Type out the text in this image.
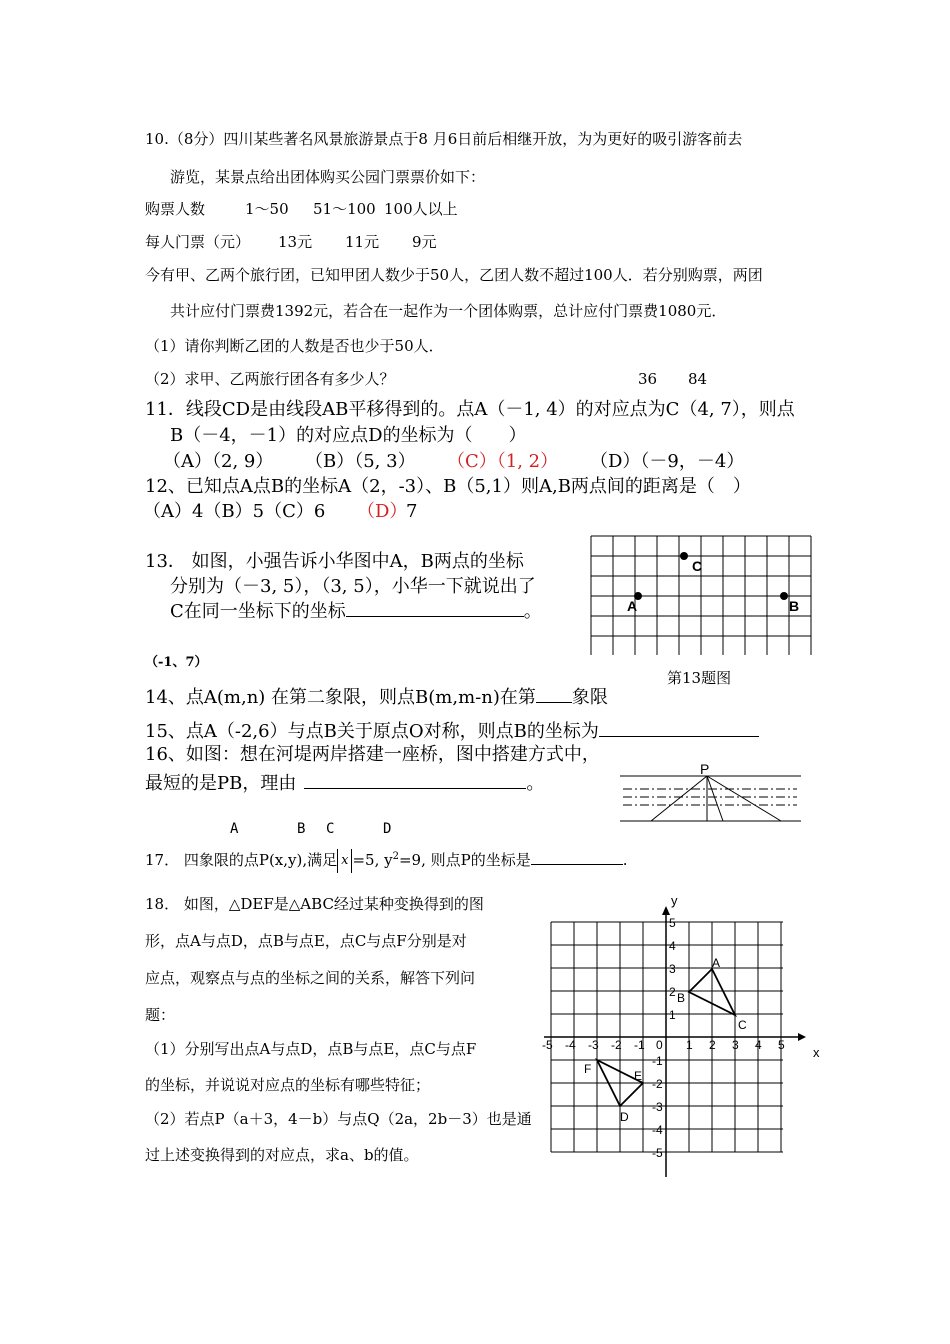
10.（8分）四川某些著名风景旅游景点于8 月6日前后相继开放，为为更好的吸引游客前去
游览，某景点给出团体购买公园门票票价如下：
购票人数	1～50 51～100 100人以上
每人门票（元） 13元 11元 9元
今有甲、乙两个旅行团，已知甲团人数少于50人，乙团人数不超过100人．若分别购票，两团
共计应付门票费1392元，若合在一起作为一个团体购票，总计应付门票费1080元．
（1）请你判断乙团的人数是否也少于50人．
（2）求甲、乙两旅行团各有多少人？	36 84
11．线段CD是由线段AB平移得到的。点A（－1, 4）的对应点为C（4, 7），则点
B（－4，－1）的对应点D的坐标为（　　）
（A）（2, 9） （B）（5, 3） （C）（1, 2） （D）（－9，－4）
12、已知点A点B的坐标A（2，-3）、B（5,1）则A,B两点间的距离是（　）
（A）4（B）5（C）6 （D）
7
13． 如图，小强告诉小华图中A，B两点的坐标
分别为（－3, 5），（3, 5），小华一下就说出了
C在同一坐标下的坐标	。
（-1、7）
C
A	B
第13题图
14、点A(m,n) 在第二象限，则点B(m,m-n)在第 象限
15、点A（-2,6）与点B关于原点O对称，则点B的坐标为
16、如图：想在河堤两岸搭建一座桥，图中搭建方式中，
最短的是PB，理由	。
P
A	B C	D
17． 四象限的点P(x,y),满足 x =5, $y^2=9$, 则点P的坐标是	.
18． 如图，△DEF是△ABC经过某种变换得到的图
形，点A与点D，点B与点E，点C与点F分别是对
应点，观察点与点的坐标之间的关系，解答下列问
题：
（1）分别写出点A与点D，点B与点E，点C与点F
的坐标，并说说对应点的坐标有哪些特征；
（2）若点P（a＋3，4－b）与点Q（2a，2b－3）也是通
过上述变换得到的对应点，求a、b的值。
x
y
-5 -4 -3 -2 -1	1 2 3 4 5
5
4
3
2
1
-1
-2
-3
-4
-5
0
A
B
C
D
E
F
